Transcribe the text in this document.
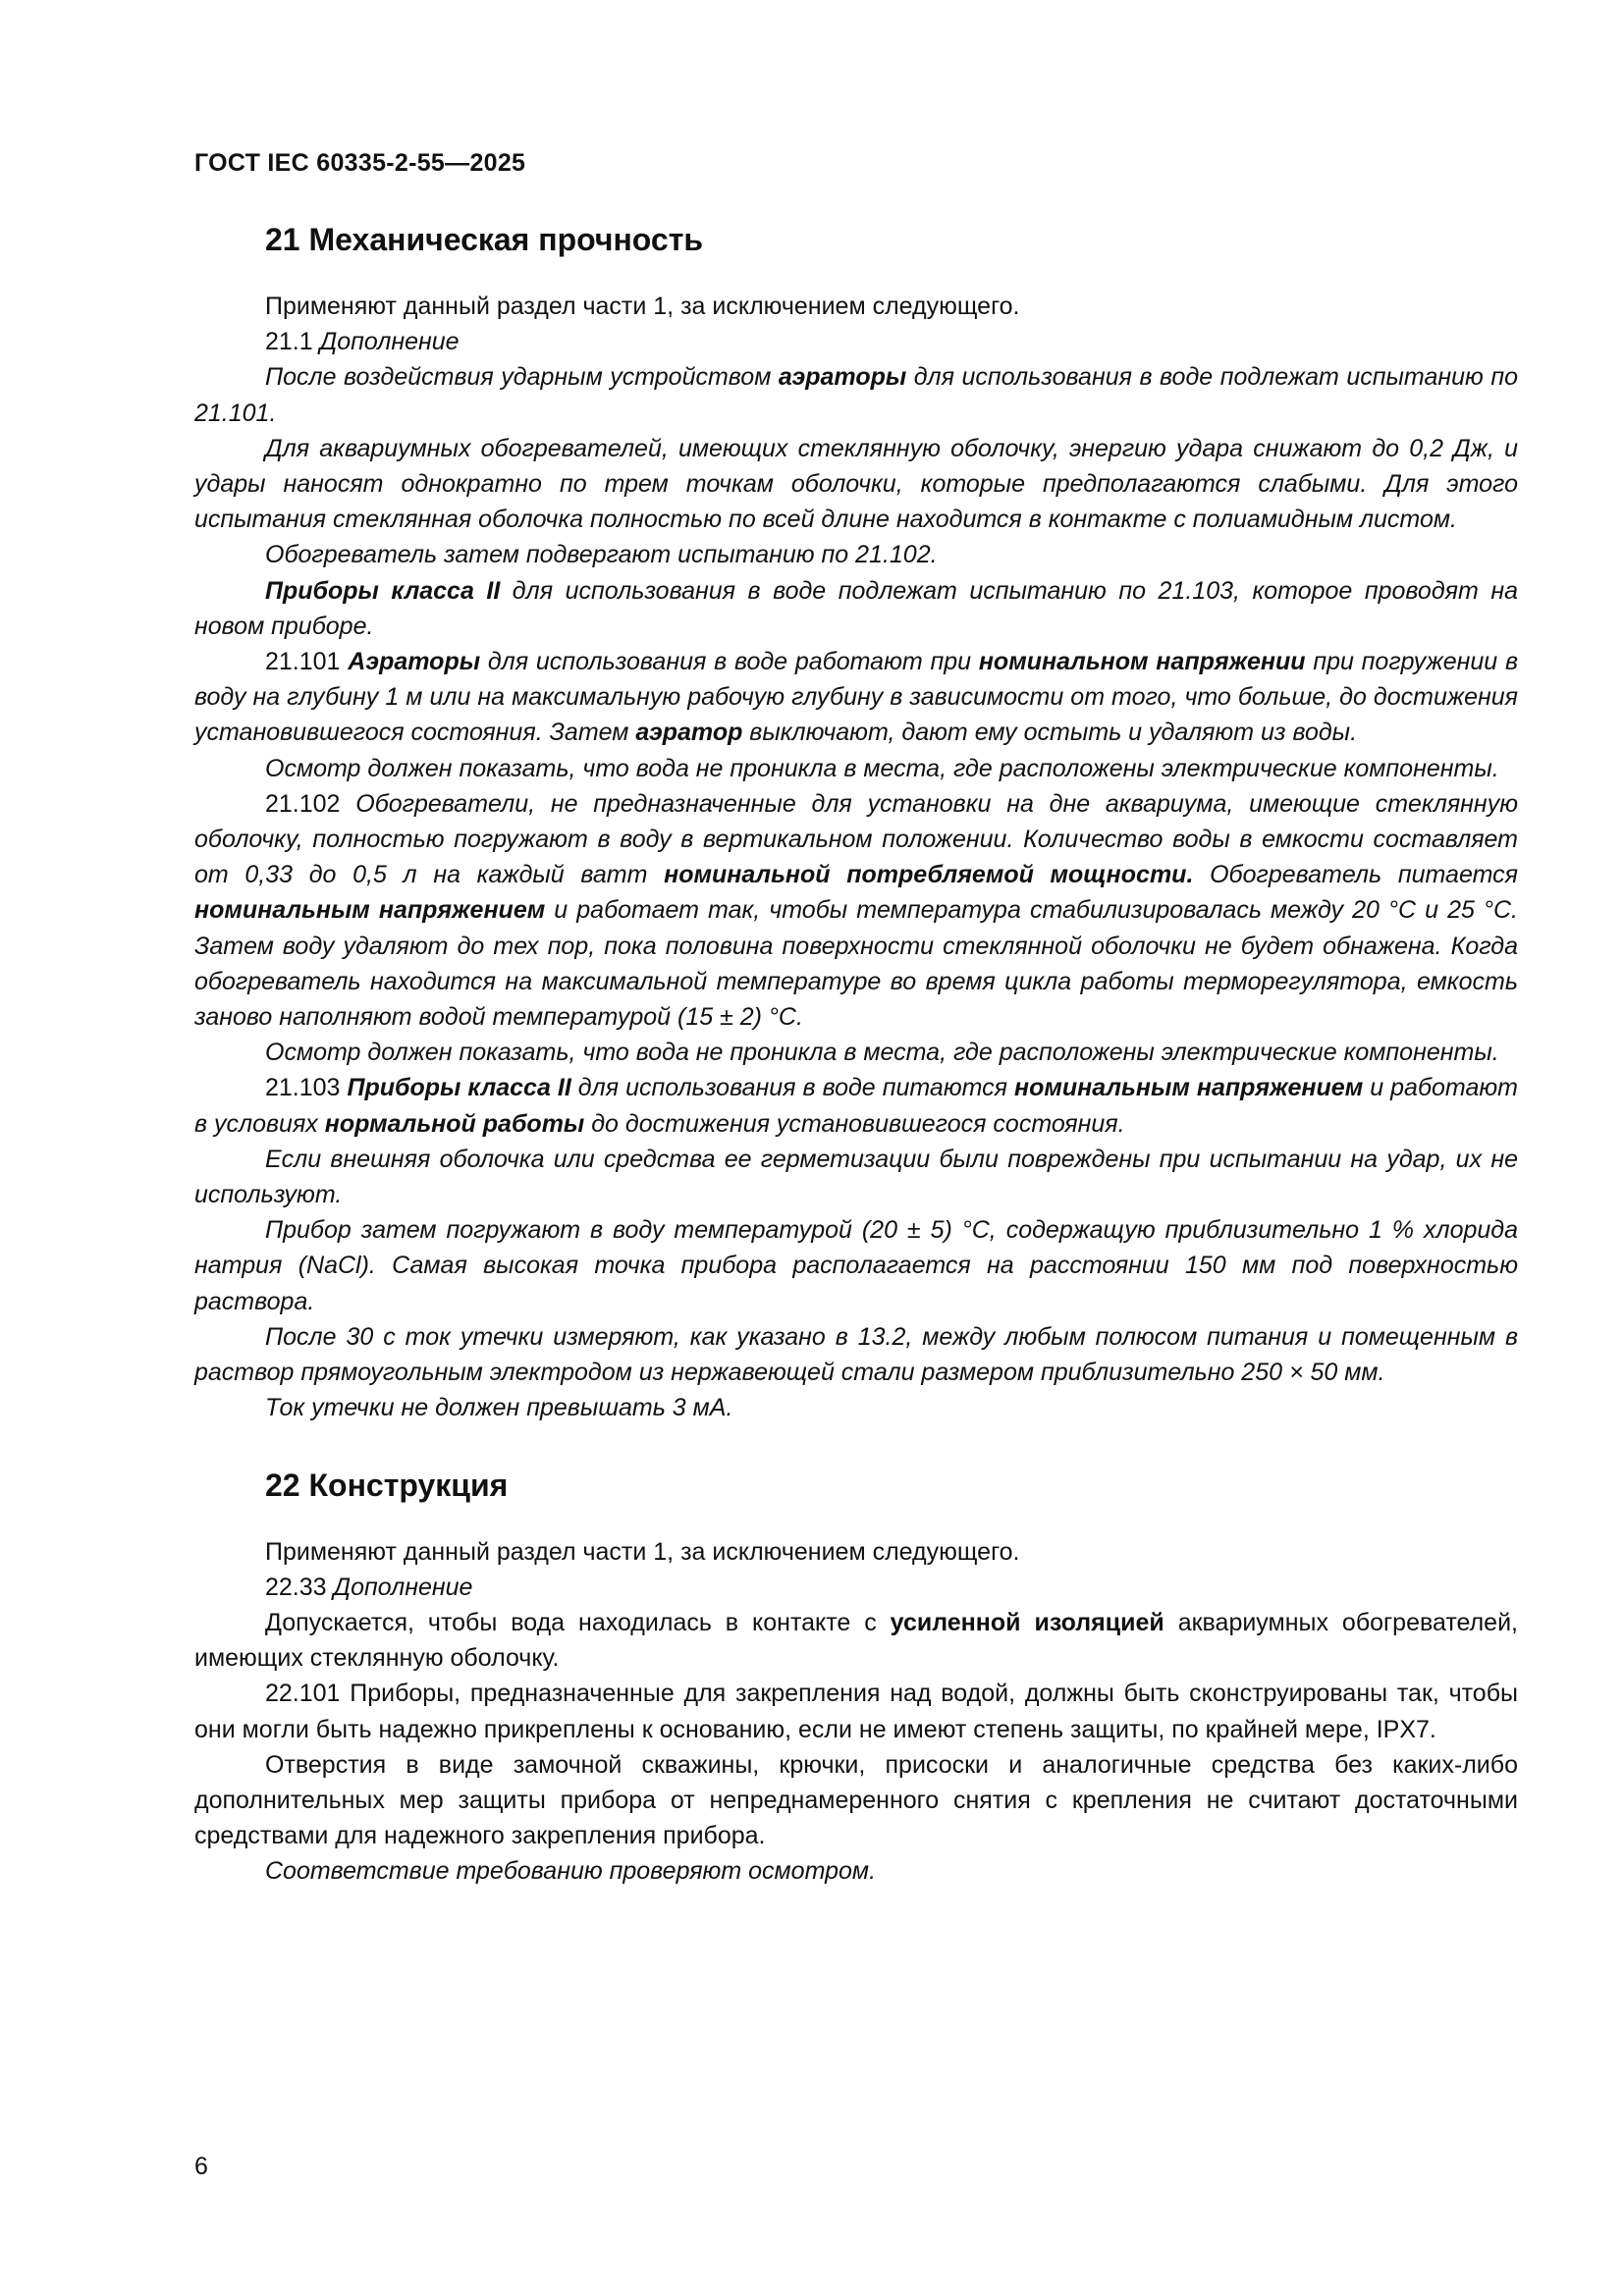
ГОСТ IEC 60335-2-55—2025
21 Механическая прочность

Применяют данный раздел части 1, за исключением следующего.

21.1 Дополнение

После воздействия ударным устройством аэраторы для использования в воде подлежат испытанию по 21.101.

Для аквариумных обогревателей, имеющих стеклянную оболочку, энергию удара снижают до 0,2 Дж, и удары наносят однократно по трем точкам оболочки, которые предполагаются слабыми. Для этого испытания стеклянная оболочка полностью по всей длине находится в контакте с полиамидным листом.

Обогреватель затем подвергают испытанию по 21.102.

Приборы класса II для использования в воде подлежат испытанию по 21.103, которое проводят на новом приборе.

21.101 Аэраторы для использования в воде работают при номинальном напряжении при погружении в воду на глубину 1 м или на максимальную рабочую глубину в зависимости от того, что больше, до достижения установившегося состояния. Затем аэратор выключают, дают ему остыть и удаляют из воды.

Осмотр должен показать, что вода не проникла в места, где расположены электрические компоненты.

21.102 Обогреватели, не предназначенные для установки на дне аквариума, имеющие стеклянную оболочку, полностью погружают в воду в вертикальном положении. Количество воды в емкости составляет от 0,33 до 0,5 л на каждый ватт номинальной потребляемой мощности. Обогреватель питается номинальным напряжением и работает так, чтобы температура стабилизировалась между 20 °С и 25 °С. Затем воду удаляют до тех пор, пока половина поверхности стеклянной оболочки не будет обнажена. Когда обогреватель находится на максимальной температуре во время цикла работы терморегулятора, емкость заново наполняют водой температурой (15 ± 2) °С.

Осмотр должен показать, что вода не проникла в места, где расположены электрические компоненты.

21.103 Приборы класса II для использования в воде питаются номинальным напряжением и работают в условиях нормальной работы до достижения установившегося состояния.

Если внешняя оболочка или средства ее герметизации были повреждены при испытании на удар, их не используют.

Прибор затем погружают в воду температурой (20 ± 5) °С, содержащую приблизительно 1 % хлорида натрия (NaCl). Самая высокая точка прибора располагается на расстоянии 150 мм под поверхностью раствора.

После 30 с ток утечки измеряют, как указано в 13.2, между любым полюсом питания и помещенным в раствор прямоугольным электродом из нержавеющей стали размером приблизительно 250 × 50 мм.

Ток утечки не должен превышать 3 мА.

22 Конструкция

Применяют данный раздел части 1, за исключением следующего.

22.33 Дополнение

Допускается, чтобы вода находилась в контакте с усиленной изоляцией аквариумных обогревателей, имеющих стеклянную оболочку.

22.101 Приборы, предназначенные для закрепления над водой, должны быть сконструированы так, чтобы они могли быть надежно прикреплены к основанию, если не имеют степень защиты, по крайней мере, IPX7.

Отверстия в виде замочной скважины, крючки, присоски и аналогичные средства без каких-либо дополнительных мер защиты прибора от непреднамеренного снятия с крепления не считают достаточными средствами для надежного закрепления прибора.

Соответствие требованию проверяют осмотром.

6
